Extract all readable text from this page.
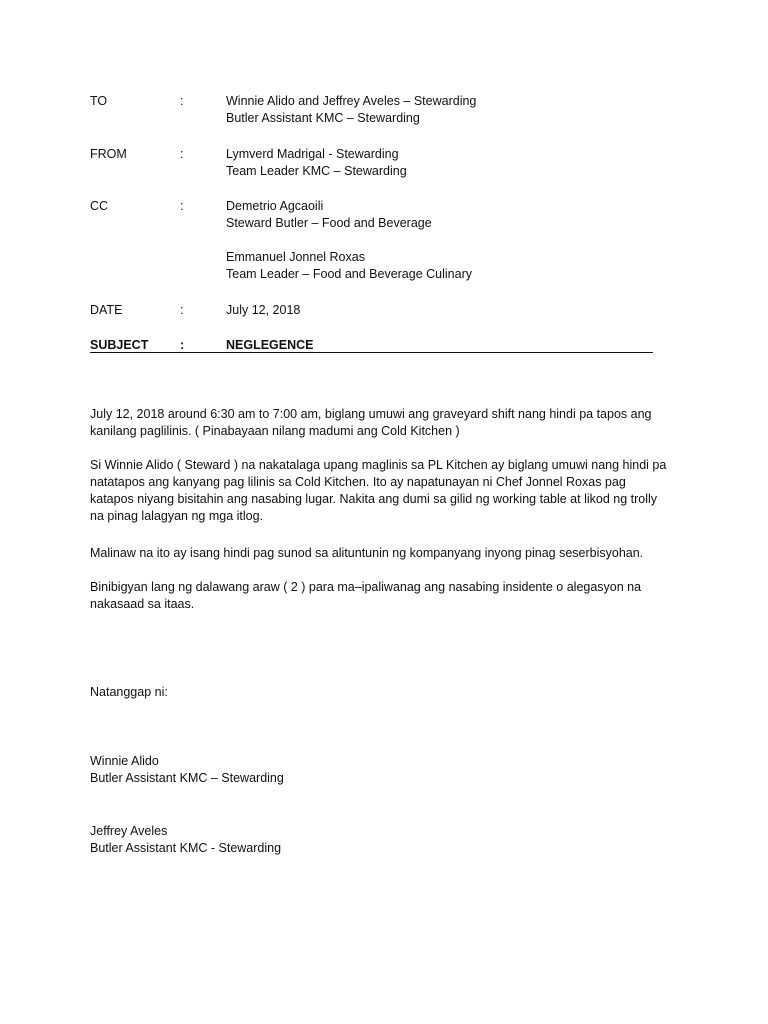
TO	:	Winnie Alido and Jeffrey Aveles – Stewarding
Butler Assistant KMC – Stewarding
FROM	:	Lymverd Madrigal - Stewarding
Team Leader KMC – Stewarding
CC	:	Demetrio Agcaoili
Steward Butler – Food and Beverage
Emmanuel Jonnel Roxas
Team Leader – Food and Beverage Culinary
DATE	:	July 12, 2018
SUBJECT	:	NEGLEGENCE
July 12, 2018 around 6:30 am to 7:00 am, biglang umuwi ang graveyard shift nang hindi pa tapos ang kanilang paglilinis. ( Pinabayaan nilang madumi ang Cold Kitchen )
Si Winnie Alido ( Steward ) na nakatalaga upang maglinis sa PL Kitchen ay biglang umuwi nang hindi pa natatapos ang kanyang pag lilinis sa Cold Kitchen. Ito ay napatunayan ni Chef Jonnel Roxas pag katapos niyang bisitahin ang nasabing lugar. Nakita ang dumi sa gilid ng working table at likod ng trolly na pinag lalagyan ng mga itlog.
Malinaw na ito ay isang hindi pag sunod sa alituntunin ng kompanyang inyong pinag seserbisyohan.
Binibigyan lang ng dalawang araw ( 2 ) para ma–ipaliwanag ang nasabing insidente o alegasyon na nakasaad sa itaas.
Natanggap ni:
Winnie Alido
Butler Assistant KMC – Stewarding
Jeffrey Aveles
Butler Assistant KMC - Stewarding
